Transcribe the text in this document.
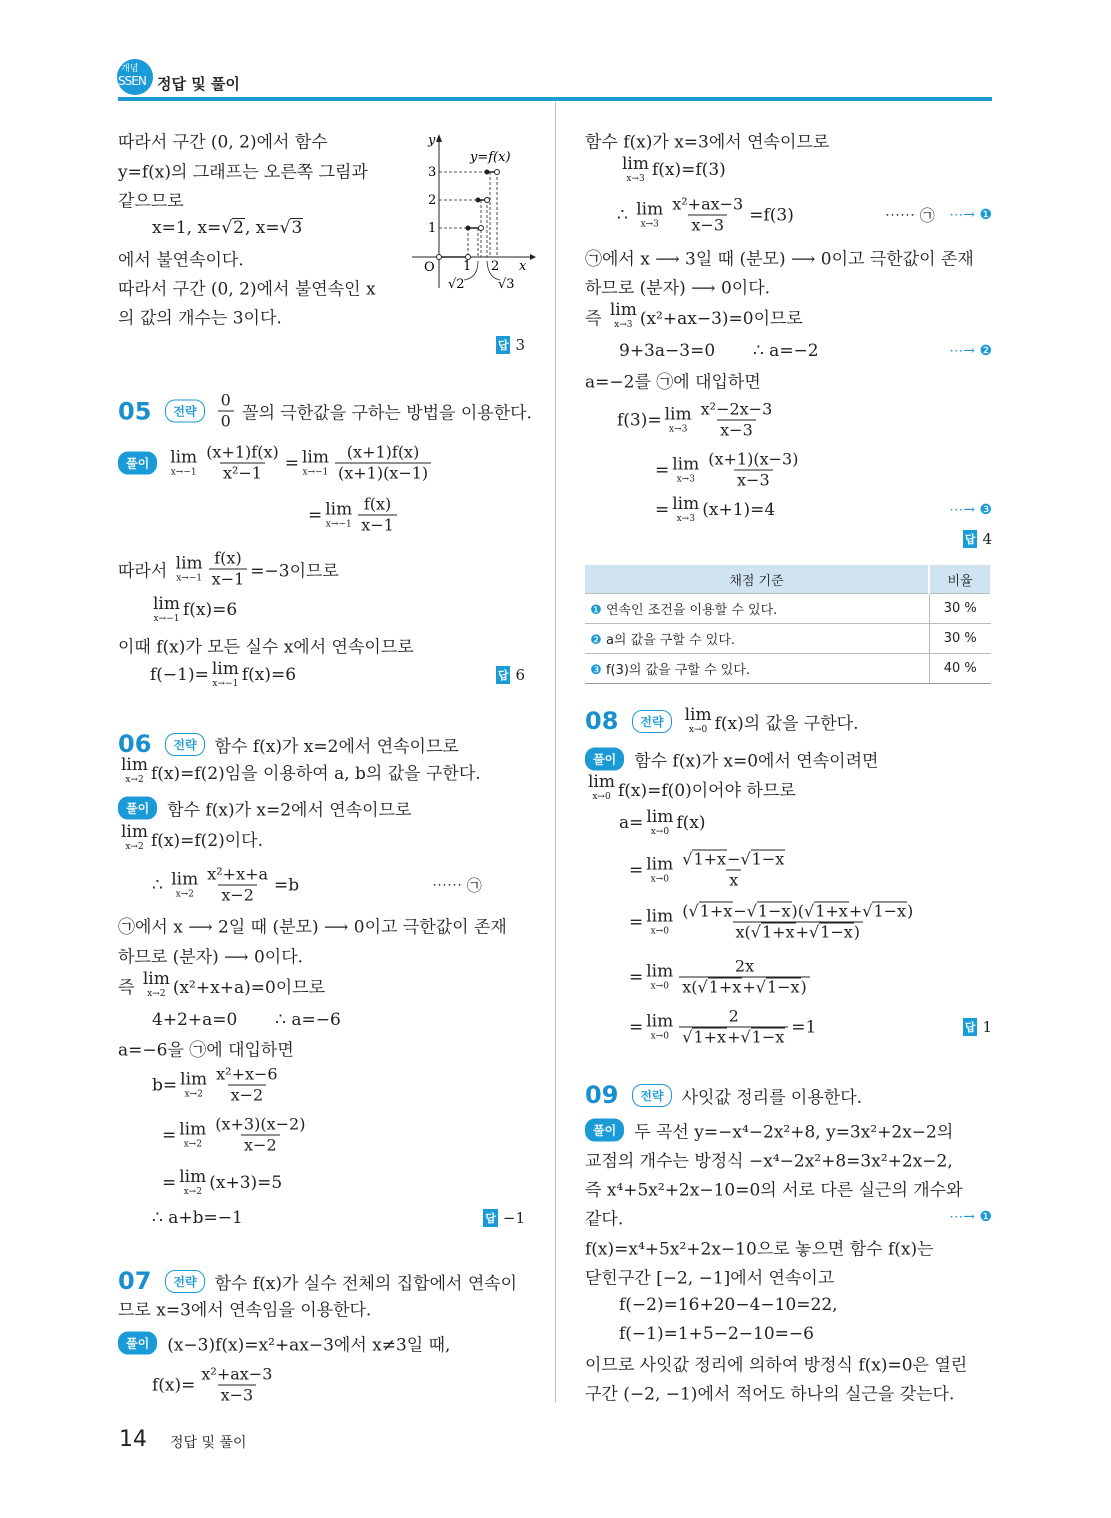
개념
SSEN 정답 및 풀이
y
x
O
y=f(x)
1
2
3
1 2
√2	√3
따라서 구간 (0, 2)에서 함수
y=f(x)의 그래프는 오른쪽 그림과
같으므로
x=1, x= √ 2 , x= √ 3
에서 불연속이다.
따라서 구간 (0, 2)에서 불연속인 x
의 값의 개수는 3이다.
답 3
05	전략	$\frac{0}{0}$ 꼴의 극한값을 구하는 방법을 이용한다.
풀이	lim
$x\to-1 \frac{(x+1)f(x)}{\text{x²−1}} = \lim$
$x\to-1 \frac{(x+1)f(x)}{(x+1)(x-1)}$
= lim
$x\to-1 \frac{f(x)}{x-1}$
따라서 lim
$x\to-1 \frac{f(x)}{x-1} =-3$이므로
lim
x→−1 f(x)=6
이때 f(x)가 모든 실수 x에서 연속이므로
f(−1)= lim
x→−1 f(x)=6	답 6
06	전략	함수 f(x)가 x=2에서 연속이므로
lim
x→2 f(x)=f(2)임을 이용하여 a, b의 값을 구한다.
풀이	함수 f(x)가 x=2에서 연속이므로
lim
x→2 f(x)=f(2)이다.
∴ lim
$x\to 2 \frac{\text{x²+x+a}}{x-2} =b$	⋯⋯ ㉠
㉠에서 x ⟶ 2일 때 (분모) ⟶ 0이고 극한값이 존재
하므로 (분자) ⟶ 0이다.
즉 lim
x→2 (x²+x+a)=0이므로
4+2+a=0       ∴ a=−6
a=−6을 ㉠에 대입하면
b= lim
$x\to 2 \frac{\text{x²+x−6}}{x-2}$
= lim
$x\to 2 \frac{(x+3)(x-2)}{x-2}$
= lim
x→2 (x+3)=5
∴ a+b=−1	답 −1
07	전략	함수 f(x)가 실수 전체의 집합에서 연속이
므로 x=3에서 연속임을 이용한다.
풀이	(x−3)f(x)=x²+ax−3에서 x≠3일 때,
$f(x)= \frac{\text{x²+ax−3}}{x-3}$
함수 f(x)가 x=3에서 연속이므로
lim
x→3 f(x)=f(3)
∴ lim
$x\to 3 \frac{\text{x²+ax−3}}{x-3} =f(3)$	⋯⋯ ㉠ ⋯→ ❶
㉠에서 x ⟶ 3일 때 (분모) ⟶ 0이고 극한값이 존재
하므로 (분자) ⟶ 0이다.
즉 lim
x→3 (x²+ax−3)=0이므로
9+3a−3=0       ∴ a=−2	⋯→ ❷
a=−2를 ㉠에 대입하면
f(3)= lim
$x\to 3 \frac{\text{x²−2x−3}}{x-3}$
= lim
$x\to 3 \frac{(x+1)(x-3)}{x-3}$
= lim
x→3 (x+1)=4	⋯→ ❸
답 4
08	전략	lim
x→0 f(x)의 값을 구한다.
풀이	함수 f(x)가 x=0에서 연속이려면
lim
x→0 f(x)=f(0)이어야 하므로
a= lim
x→0 f(x)
= lim
$x\to 0 \frac{√ 1+x - √ 1-x}{x}$
= lim
$x\to 0 \frac{( √ 1+x - √ 1-x )( √ 1+x + √ 1-x )}{x( √ 1+x + √ 1-x )}$
= lim
$x\to 0 \frac{2x}{x( √ 1+x + √ 1-x )}$
= lim
$x\to 0 \frac{2}{√ 1+x + √ 1-x} =1$	답 1
09	전략	사잇값 정리를 이용한다.
풀이	두 곡선 y=−x⁴−2x²+8, y=3x²+2x−2의
교점의 개수는 방정식 −x⁴−2x²+8=3x²+2x−2,
즉 x⁴+5x²+2x−10=0의 서로 다른 실근의 개수와
같다.	⋯→ ❶
f(x)=x⁴+5x²+2x−10으로 놓으면 함수 f(x)는
닫힌구간 [−2, −1]에서 연속이고
f(−2)=16+20−4−10=22,
f(−1)=1+5−2−10=−6
이므로 사잇값 정리에 의하여 방정식 f(x)=0은 열린
구간 (−2, −1)에서 적어도 하나의 실근을 갖는다.
채점 기준	비율
❶ 연속인 조건을 이용할 수 있다.	30 %
❷ a의 값을 구할 수 있다.	30 %
❸ f(3)의 값을 구할 수 있다.	40 %
14 정답 및 풀이
